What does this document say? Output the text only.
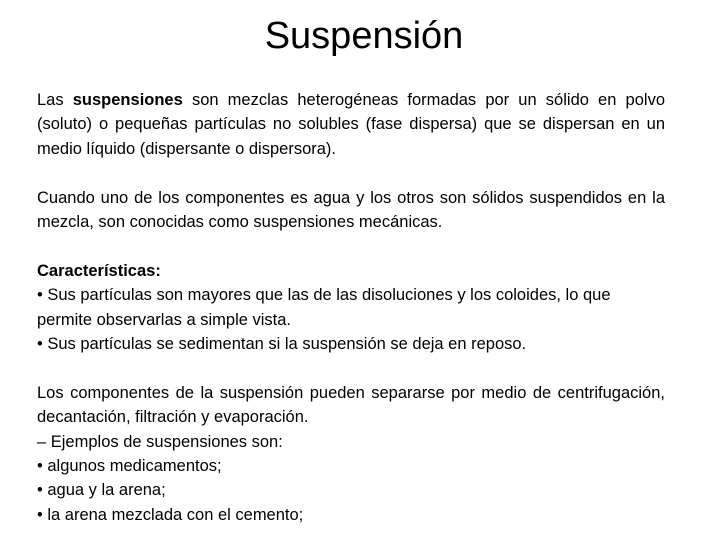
Suspensión

Las suspensiones son mezclas heterogéneas formadas por un sólido en polvo (soluto) o pequeñas partículas no solubles (fase dispersa) que se dispersan en un medio líquido (dispersante o dispersora).

Cuando uno de los componentes es agua y los otros son sólidos suspendidos en la mezcla, son conocidas como suspensiones mecánicas.

Características:

• Sus partículas son mayores que las de las disoluciones y los coloides, lo que permite observarlas a simple vista.

• Sus partículas se sedimentan si la suspensión se deja en reposo.

Los componentes de la suspensión pueden separarse por medio de centrifugación, decantación, filtración y evaporación.

– Ejemplos de suspensiones son:

• algunos medicamentos;

• agua y la arena;

• la arena mezclada con el cemento;
